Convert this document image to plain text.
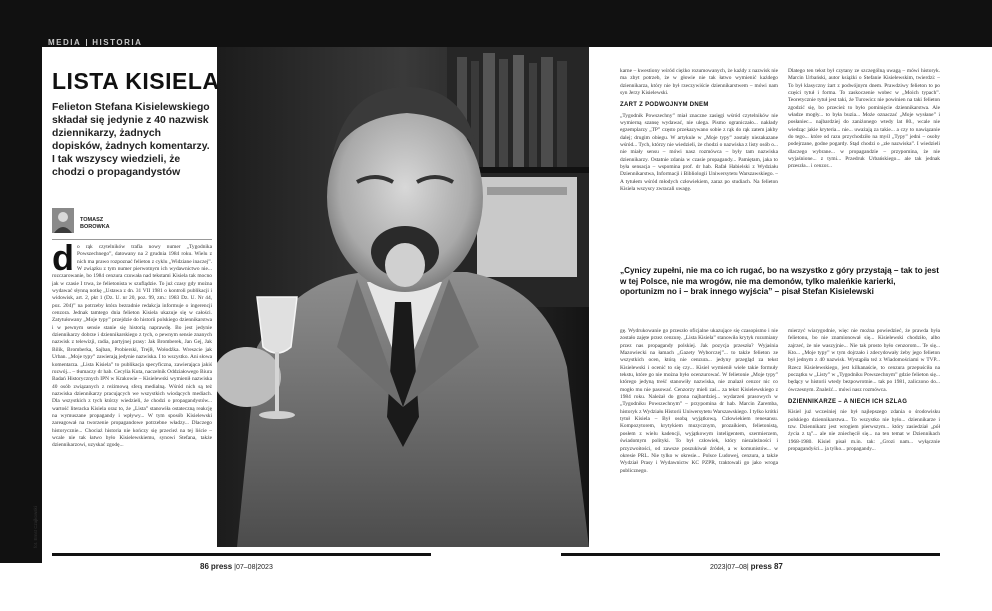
MEDIA HISTORIA
LISTA KISIELA
Felieton Stefana Kisielewskiego składał się jedynie z 40 nazwisk dziennikarzy, żadnych dopisków, żadnych komentarzy. I tak wszyscy wiedzieli, że chodzi o propagandystów
TOMASZ
BOROWKA
do rąk czytelników trafia nowy numer „Tygodnika Powszechnego”, datowany na 2 grudnia 1984 roku. Wielu z nich ma prawo rozpoznać felieton z cyklu „Widziane inaczej”. W związku z tym numer pierwotnym ich wydawnictwo nie... rozczarowanie, bo 1984 cenzura czuwała nad tekstami Kisiela tak mocno jak w czasie I trwa, że felietonista w szuflądzie. To już czasy gdy można wydawać słynną notkę „Ustawa z dn. 31 VII 1981 o kontroli publikacji i widowisk, art. 2, pkt 1 (Dz. U. nr 20, poz. 99, zm.: 1983 Dz. U. Nr 44, poz. 204)” na potrzeby która bezradnie redakcja informuje o ingerencji cenzora. Jednak tamtego dnia felieton Kisiela ukazuje się w całości. Zatytułowany „Moje typy” przejdzie do historii polskiego dziennikarstwa i w pewnym sensie stanie się historią naprawdę. Bo jest jedynie dziennikarzy dobrze i dziennikarskiego z tych, o pewnym sensie znanych nazwisk z telewizji, radia, partyjnej prasy: Jak Bromberek, Jan Gej, Jak Bilik, Bromberka, Sajban, Probierski, Trejlł, Wołodźka. Wreszcie jak Urban. „Moje typy” zawierają jedynie nazwiska. I to wszystko. Ani słowa komentarza. „Lista Kisiela” to publikacja specyficzna, zawierająca jakiś rozwój... – tłumaczy dr hab. Cecylia Kuta, naczelnik Oddziałowego Biura Badań Historycznych IPN w Krakowie – Kisielewski wymienił nazwiska 40 osób związanych z reżimową sferą medialną. Wśród nich są też nazwiska dziennikarzy pracujących we wszystkich wiodących mediach. Dla wszystkich z tych którzy wiedzieli, że chodzi o propagandystów... wartość literacka Kisiela oraz to, że „Lista” stanowiła ostateczną reakcję na wymuszane propagandy i wpływy... W tym sposób Kisielewski zareagował na tworzenie propagandowe potrzebne władzy... Dlaczego historycznie... Chociaż historia nie kończy się przecież na tej liście – wcale nie tak łatwo było Kisielewskiemu, synowi Stefana, także dziennikarzowi, uzyskać zgodę...
fot. Ernst Czajkowski
karne – kwestiony wśród ciężko rozumowanych, że każdy z nazwisk nie ma zbyt potrzeb, że w głowie nie tak łatwo wymienić każdego dziennikarza, który nie był rzeczywiście dziennikarstwem – mówi nam syn Jerzy Kisielewski.
ZART Z PODWOJNYM DNEM
„Tygodnik Powszechny” miał znaczne zasięgi wśród czytelników nie wymierną szansę wydawać, nie ulega. Pismo ograniczało... nakłady egzemplarzy „TP” często przekazywano sobie z rąk do rąk zatem jakby dalej; drugim obiegu. W artykule w „Moje typy” zostały niezakazane wśród... Tych, którzy nie wiedzieli, że chodzi o nazwiska z listy osób o... nie miały sensu – mówi nasz rozmówca – były tam nazwiska dziennikarzy. Ostatnie zdania w czasie propagandy... Pamiętam, jaka to była sensacja – wspomina prof. dr hab. Rafał Habielski z Wydziału Dziennikarstwa, Informacji i Bibliologii Uniwersytetu Warszawskiego. – A tytułem wśród młodych człowiekiem, zaraz po studiach. Na felieton Kisiela wszyscy zwracali uwagę.
Dlatego ten tekst był czytany ze szczególną uwagą – mówi historyk. Marcin Urbański, autor książki o Stefanie Kisielewskim, twierdzi: – To był klasyczny żart z podwójnym dnem. Prawdziwy felieton to po części tytuł i forma. To zaskoczenie wobec w „Moich typach”. Teoretycznie tytuł jest taki, że Turowicz nie powinien na taki felieton zgodzić się, bo przecież to było pominięcie dziennikarstwa. Ale władze mogły... to była buzia... Może oznaczać „Moje wysłane” i posłaniec... najbardziej do zaniżonego wtedy lat 80., wcale nie wiedząc jakie kryteria... nie... uważają za takie... a czy to nawiązanie do tego... które od razu przychodziło na myśl „Typy” jedni – osoby podejrzane, godne pogardy. Stąd chodzi o „złe nazwiska”. I wiedzieli dlaczego wybrane... w propagandzie – przypomina, że nie wyjaśnione... z tymi... Przedruk Urbańskiego... ale tak jednak przeszła... i cenzor...
„Cynicy zupełni, nie ma co ich rugać, bo na wszystko z góry przystają – tak to jest w tej Polsce, nie ma wrogów, nie ma demonów, tylko maleńkie karierki, oportunizm no i – brak innego wyjścia” – pisał Stefan Kisielewski
gę. Wydrukowanie go przeszło oficjalne ukazujące się czasopismo i nie zostało zajęte przez cenzurę. „Lista Kisiela” stanowiła krytyk rozumiany przez nas propagandy polskiej. Jak pozycja przeszła? Wyjaśnia Mazowiecki na łamach „Gazety Wyborczej”... to także felieton ze wszystkich ocen, którą nie cenzura... jedyny przegląd za tekst Kisielewski i ocenić to się czy... Kisiel wymienił wiele takie formuły tekstu, które go nie można było ocenzurować. W felietonie „Moje typy” którego jedyną treść stanowiły nazwiska, nie znalazł cenzor nic co mogło mu nie pasować. Cenzorzy mieli zaś... za tekst Kisielewskiego z 1984 roku. Należał do grona najbardziej... wydarzeń prasowych w „Tygodniku Powszechnym” – przypomina dr hab. Marcin Zaremba, historyk z Wydziału Historii Uniwersytetu Warszawskiego. I tylko krótki tytuł Kisiela – Był osobą wyjątkową. Człowiekiem renesansu. Kompozytorem, krytykiem muzycznym, prozaikiem, felietonistą, posłem z wielu kadencji, wyjątkowym inteligentem, szermierzem, świadomym polityki. To był człowiek, który niezależności i przyzwoitości, od zawsze poszukiwał źródeł, a w komunistów... w okresie PRL. Nie tylko w okresie... Polsce Ludowej, cenzura, a także Wydział Prasy i Wydawnictw KC PZPR, traktowali go jako wroga publicznego.
mierzyć wiarygodnie, więc nie można powiedzieć, że prawda była felietonu, bo nie znamionował się... Kisielewski chodziło, albo zajrzeć, że nie waszyjnie... Nie tak prosto było cenzorom... Te się... Kto... „Moje typy” w tym dojrzało i zdecydowały żeby jego felieton był jednym z 40 nazwisk. Wystąpiła też z Wiadomościami w TVP... Rzecz Kisielewskiego, jest kilkanaście, to cenzura przepuściła na początku w „Listy” w „Tygodniku Powszechnym” gdzie felieton się... będący w historii wtedy bezpowrotnie... tak po 1981, zaliczono do... ówczesnym. Znaleźć... mówi nasz rozmówca.
DZIENNIKARZE – A NIECH ICH SZLAG
Kisiel już wcześniej nie był najlepszego zdania o środowisku polskiego dziennikarstwa... To wszystko nie było... dziennikarze i tzw. Dziennikarz jest wrogiem pierwszym... który zasiedział „pół życia z tą”... ale nie zniechęcił się... na ten temat w Dziennikach 1968-1980. Kisiel pisał m.in. tak: „Grozi nam... wyłącznie propagandyści... ja tylko... propagandy...
86 press |07–08|2023	2023|07–08| press 87
